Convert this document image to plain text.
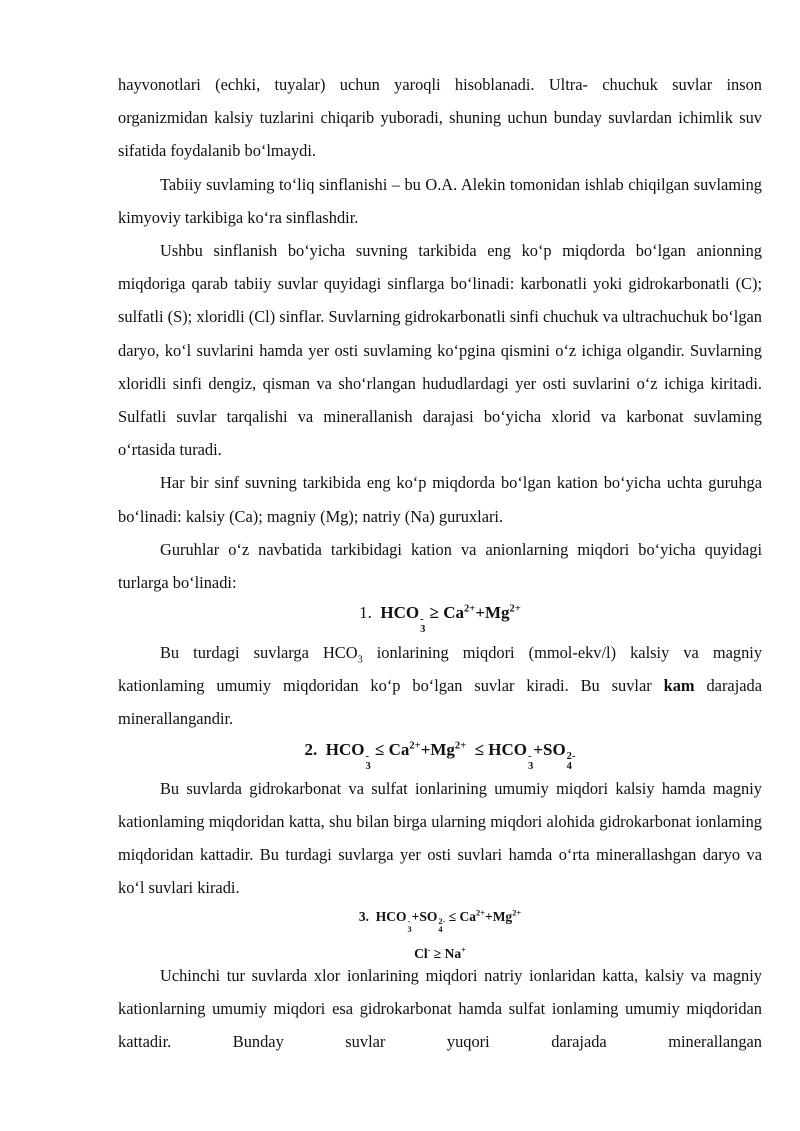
hayvonotlari (echki, tuyalar) uchun yaroqli hisoblanadi. Ultra- chuchuk suvlar inson organizmidan kalsiy tuzlarini chiqarib yuboradi, shuning uchun bunday suvlardan ichimlik suv sifatida foydalanib bo‘lmaydi.

Tabiiy suvlaming to‘liq sinflanishi – bu O.A. Alekin tomonidan ishlab chiqilgan suvlaming kimyoviy tarkibiga ko‘ra sinflashdir.

Ushbu sinflanish bo‘yicha suvning tarkibida eng ko‘p miqdorda bo‘lgan anionning miqdoriga qarab tabiiy suvlar quyidagi sinflarga bo‘linadi: karbonatli yoki gidrokarbonatli (C); sulfatli (S); xloridli (Cl) sinflar. Suvlarning gidrokarbonatli sinfi chuchuk va ultrachuchuk bo‘lgan daryo, ko‘l suvlarini hamda yer osti suvlaming ko‘pgina qismini o‘z ichiga olgandir. Suvlarning xloridli sinfi dengiz, qisman va sho‘rlangan hududlardagi yer osti suvlarini o‘z ichiga kiritadi. Sulfatli suvlar tarqalishi va minerallanish darajasi bo‘yicha xlorid va karbonat suvlaming o‘rtasida turadi.

Har bir sinf suvning tarkibida eng ko‘p miqdorda bo‘lgan kation bo‘yicha uchta guruhga bo‘linadi: kalsiy (Ca); magniy (Mg); natriy (Na) guruxlari.

Guruhlar o‘z navbatida tarkibidagi kation va anionlarning miqdori bo‘yicha quyidagi turlarga bo‘linadi:

1. HCO -
3
≥ $Ca^{2+}+Mg^{2+}$

Bu turdagi suvlarga $HCO_3$ ionlarining miqdori (mmol-ekv/l) kalsiy va magniy kationlaming umumiy miqdoridan ko‘p bo‘lgan suvlar kiradi. Bu suvlar kam darajada minerallangandir.

2. HCO -
3
≤ $Ca^{2+}+Mg^{2+}$ ≤ HCO -
3
+SO 2-
4

Bu suvlarda gidrokarbonat va sulfat ionlarining umumiy miqdori kalsiy hamda magniy kationlaming miqdoridan katta, shu bilan birga ularning miqdori alohida gidrokarbonat ionlaming miqdoridan kattadir. Bu turdagi suvlarga yer osti suvlari hamda o‘rta minerallashgan daryo va ko‘l suvlari kiradi.

3. HCO -
3
+SO 2-
4
≤ $Ca^{2+}+Mg^{2+}$

Cl- ≥ Na+

Uchinchi tur suvlarda xlor ionlarining miqdori natriy ionlaridan katta, kalsiy va magniy kationlarning umumiy miqdori esa gidrokarbonat hamda sulfat ionlaming umumiy miqdoridan kattadir. Bunday suvlar yuqori darajada minerallangan
